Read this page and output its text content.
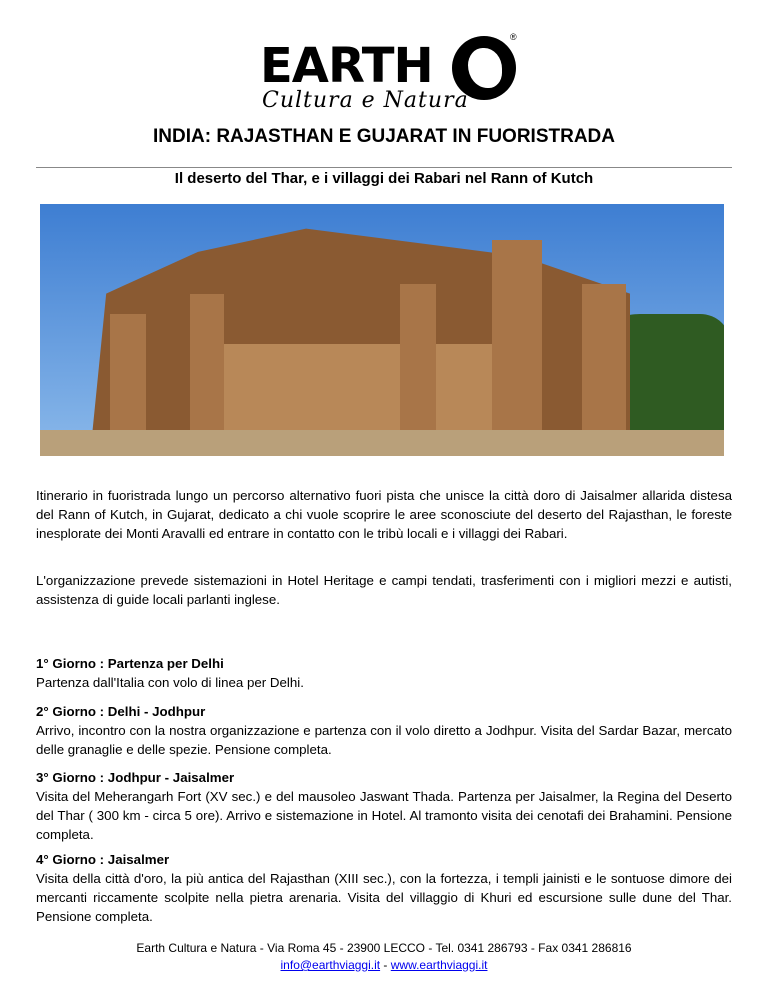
EARTH
®
Cultura e Natura
INDIA: RAJASTHAN E GUJARAT IN FUORISTRADA
Il deserto del Thar, e i villaggi dei Rabari nel Rann of Kutch
Itinerario in fuoristrada lungo un percorso alternativo fuori pista che unisce la città doro di Jaisalmer allarida distesa del Rann of Kutch, in Gujarat, dedicato a chi vuole scoprire le aree sconosciute del deserto del Rajasthan, le foreste inesplorate dei Monti Aravalli ed entrare in contatto con le tribù locali e i villaggi dei Rabari.
L'organizzazione prevede sistemazioni in Hotel Heritage e campi tendati, trasferimenti con i migliori mezzi e autisti, assistenza di guide locali parlanti inglese.
1° Giorno : Partenza per Delhi
Partenza dall'Italia con volo di linea per Delhi.
2° Giorno : Delhi - Jodhpur
Arrivo, incontro con la nostra organizzazione e partenza con il volo diretto a Jodhpur. Visita del Sardar Bazar, mercato delle granaglie e delle spezie. Pensione completa.
3° Giorno : Jodhpur - Jaisalmer
Visita del Meherangarh Fort (XV sec.) e del mausoleo Jaswant Thada. Partenza per Jaisalmer, la Regina del Deserto del Thar ( 300 km - circa 5 ore). Arrivo e sistemazione in Hotel. Al tramonto visita dei cenotafi dei Brahamini. Pensione completa.
4° Giorno : Jaisalmer
Visita della città d'oro, la più antica del Rajasthan (XIII sec.), con la fortezza, i templi jainisti e le sontuose dimore dei mercanti riccamente scolpite nella pietra arenaria. Visita del villaggio di Khuri ed escursione sulle dune del Thar. Pensione completa.
Earth Cultura e Natura - Via Roma 45 - 23900 LECCO - Tel. 0341 286793 - Fax 0341 286816
info@earthviaggi.it - www.earthviaggi.it
